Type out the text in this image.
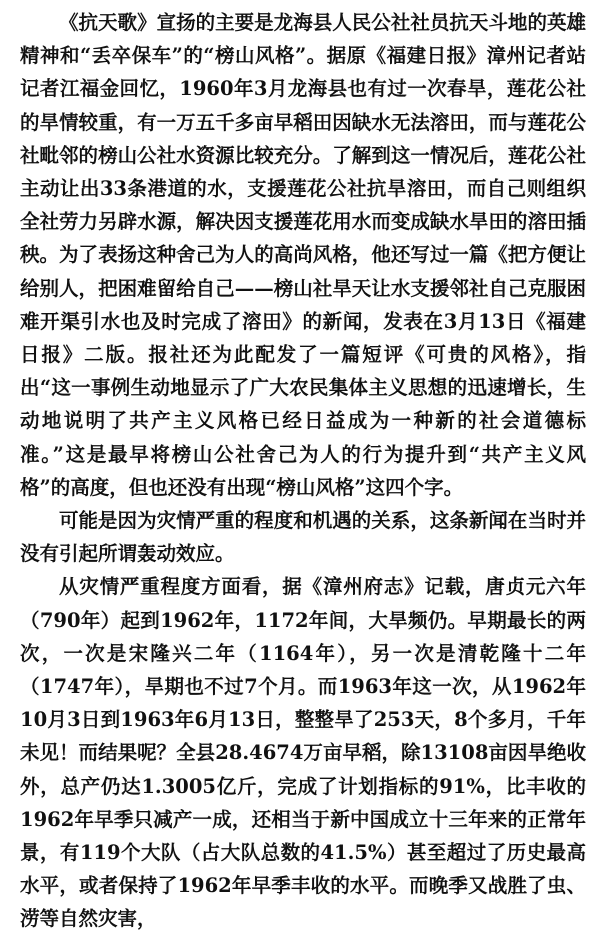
《抗天歌》宣扬的主要是龙海县人民公社社员抗天斗地的英雄精神和“丢卒保车”的“榜山风格”。据原《福建日报》漳州记者站记者江福金回忆，1960年3月龙海县也有过一次春旱，莲花公社的旱情较重，有一万五千多亩早稻田因缺水无法溶田，而与莲花公社毗邻的榜山公社水资源比较充分。了解到这一情况后，莲花公社主动让出33条港道的水，支援莲花公社抗旱溶田，而自己则组织全社劳力另辟水源，解决因支援莲花用水而变成缺水旱田的溶田插秧。为了表扬这种舍己为人的高尚风格，他还写过一篇《把方便让给别人，把困难留给自己——榜山社旱天让水支援邻社自己克服困难开渠引水也及时完成了溶田》的新闻，发表在3月13日《福建日报》二版。报社还为此配发了一篇短评《可贵的风格》，指出“这一事例生动地显示了广大农民集体主义思想的迅速增长，生动地说明了共产主义风格已经日益成为一种新的社会道德标准。”这是最早将榜山公社舍己为人的行为提升到“共产主义风格”的高度，但也还没有出现“榜山风格”这四个字。

可能是因为灾情严重的程度和机遇的关系，这条新闻在当时并没有引起所谓轰动效应。

从灾情严重程度方面看，据《漳州府志》记载，唐贞元六年（790年）起到1962年，1172年间，大旱频仍。早期最长的两次，一次是宋隆兴二年（1164年），另一次是清乾隆十二年（1747年），旱期也不过7个月。而1963年这一次，从1962年10月3日到1963年6月13日，整整旱了253天，8个多月，千年未见！而结果呢？全县28.4674万亩早稻，除13108亩因旱绝收外，总产仍达1.3005亿斤，完成了计划指标的91%，比丰收的1962年早季只减产一成，还相当于新中国成立十三年来的正常年景，有119个大队（占大队总数的41.5%）甚至超过了历史最高水平，或者保持了1962年早季丰收的水平。而晚季又战胜了虫、涝等自然灾害，
